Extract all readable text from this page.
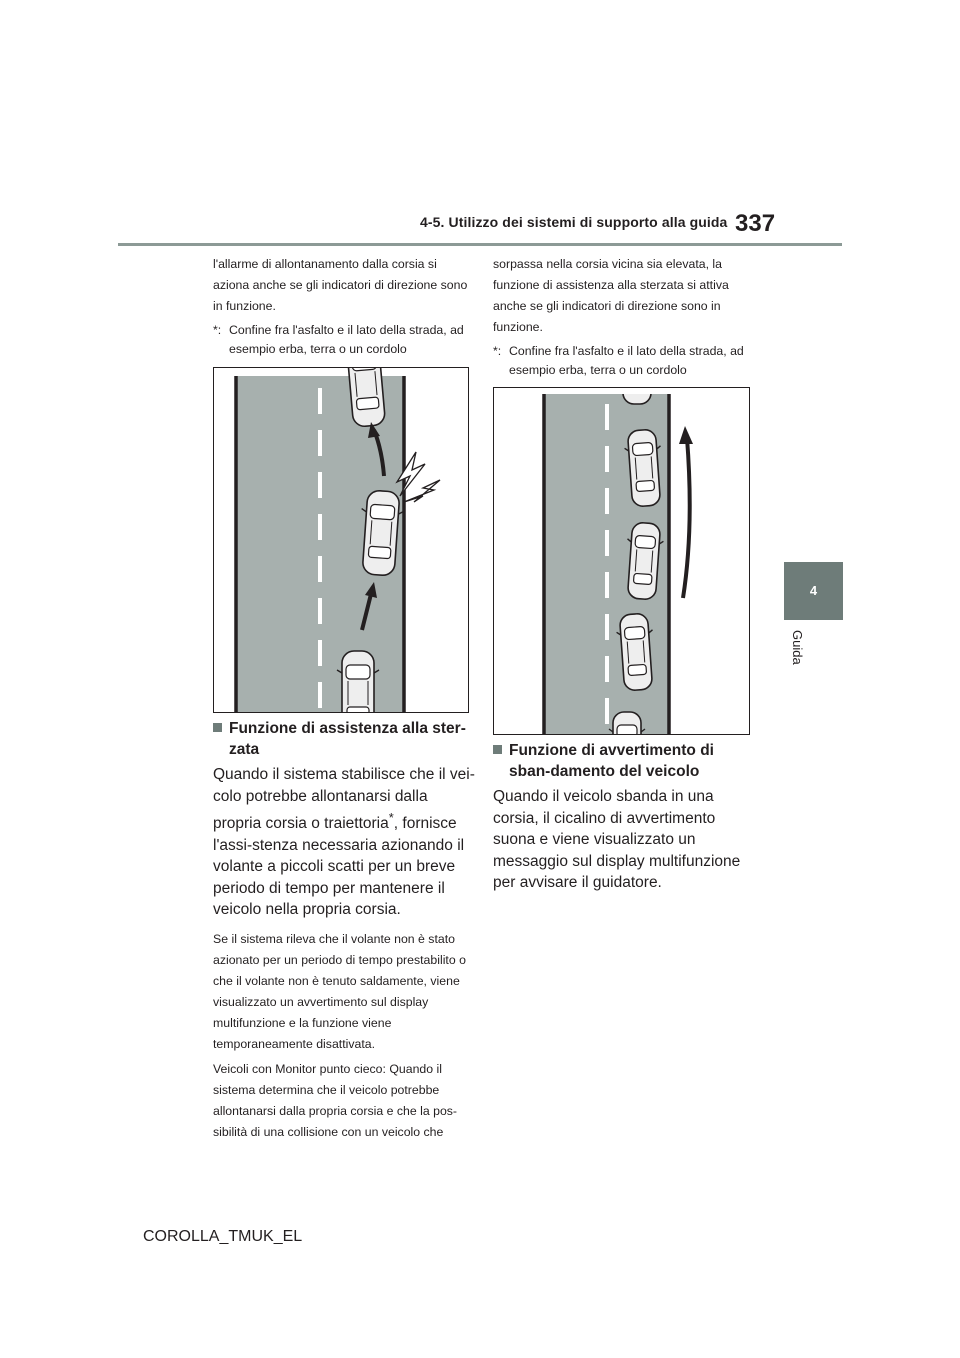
4-5. Utilizzo dei sistemi di supporto alla guida 337
4
Guida

l'allarme di allontanamento dalla corsia si aziona anche se gli indicatori di direzione sono in funzione.

*: Confine fra l'asfalto e il lato della strada, ad esempio erba, terra o un cordolo
Funzione di assistenza alla ster-zata

Quando il sistema stabilisce che il vei-colo potrebbe allontanarsi dalla propria corsia o traiettoria*, fornisce l'assi-stenza necessaria azionando il volante a piccoli scatti per un breve periodo di tempo per mantenere il veicolo nella propria corsia.

Se il sistema rileva che il volante non è stato azionato per un periodo di tempo prestabilito o che il volante non è tenuto saldamente, viene visualizzato un avvertimento sul display multifunzione e la funzione viene temporaneamente disattivata.

Veicoli con Monitor punto cieco: Quando il sistema determina che il veicolo potrebbe allontanarsi dalla propria corsia e che la pos-sibilità di una collisione con un veicolo che

sorpassa nella corsia vicina sia elevata, la funzione di assistenza alla sterzata si attiva anche se gli indicatori di direzione sono in funzione.

*: Confine fra l'asfalto e il lato della strada, ad esempio erba, terra o un cordolo
Funzione di avvertimento di sban-damento del veicolo

Quando il veicolo sbanda in una corsia, il cicalino di avvertimento suona e viene visualizzato un messaggio sul display multifunzione per avvisare il guidatore.

COROLLA_TMUK_EL
